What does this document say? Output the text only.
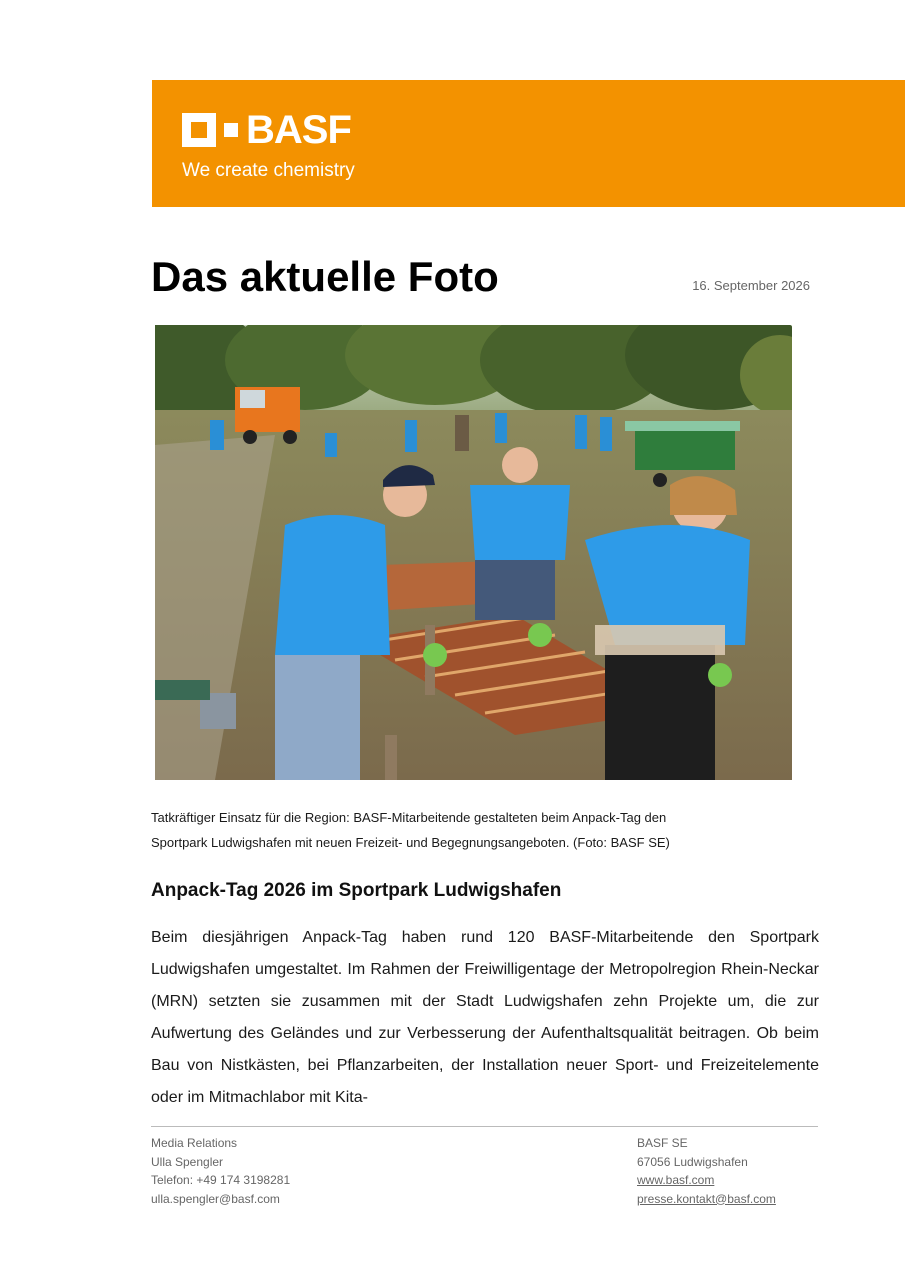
BASF
We create chemistry
Das aktuelle Foto	16. September 2026
Tatkräftiger Einsatz für die Region: BASF-Mitarbeitende gestalteten beim Anpack-Tag den
Sportpark Ludwigshafen mit neuen Freizeit- und Begegnungsangeboten. (Foto: BASF SE)
Anpack-Tag 2026 im Sportpark Ludwigshafen

Beim diesjährigen Anpack-Tag haben rund 120 BASF-Mitarbeitende den Sportpark Ludwigshafen umgestaltet. Im Rahmen der Freiwilligentage der Metropolregion Rhein-Neckar (MRN) setzten sie zusammen mit der Stadt Ludwigshafen zehn Projekte um, die zur Aufwertung des Geländes und zur Verbesserung der Aufenthaltsqualität beitragen. Ob beim Bau von Nistkästen, bei Pflanzarbeiten, der Installation neuer Sport- und Freizeitelemente oder im Mitmachlabor mit Kita-

Media Relations
Ulla Spengler
Telefon: +49 174 3198281
ulla.spengler@basf.com
BASF SE
67056 Ludwigshafen
www.basf.com
presse.kontakt@basf.com
